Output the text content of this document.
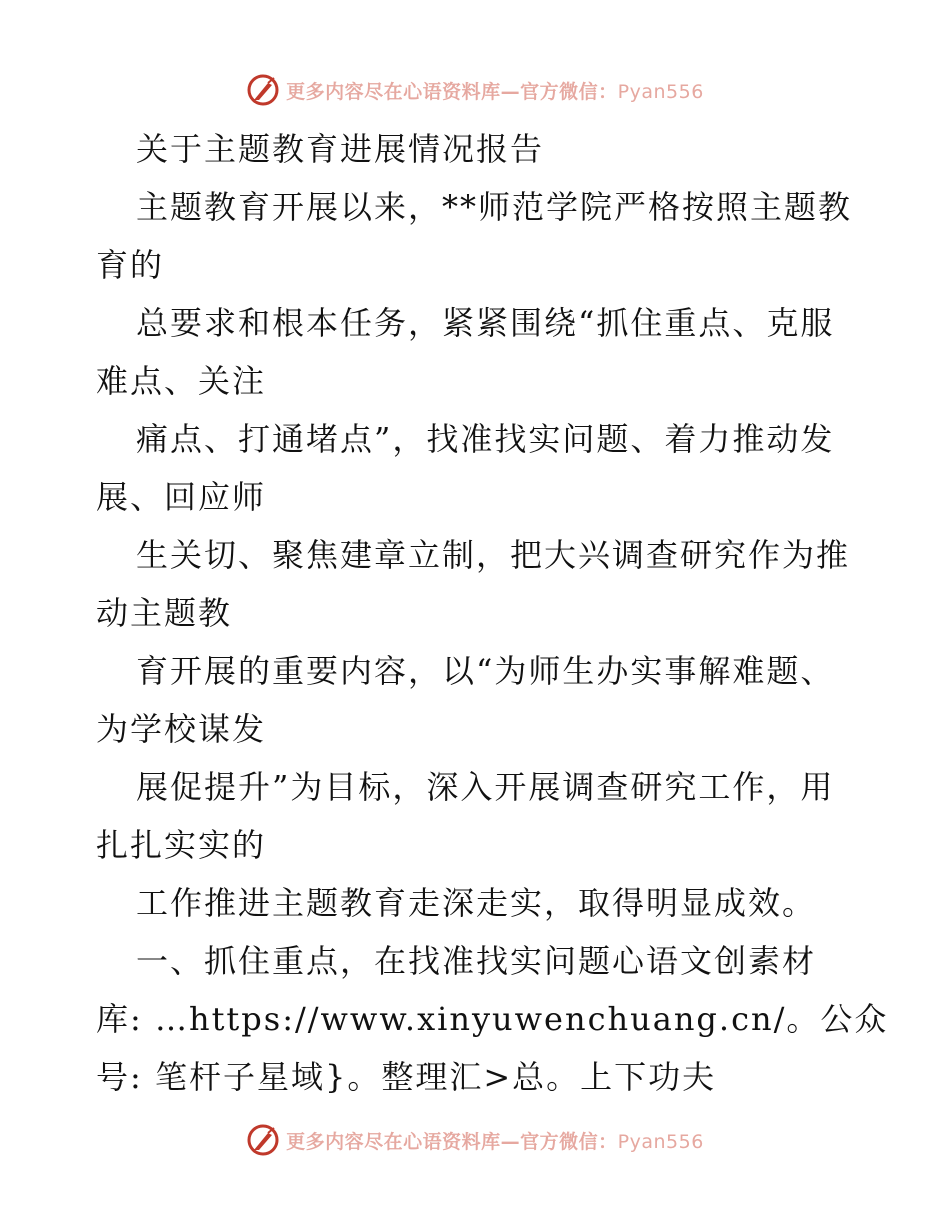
更多内容尽在心语资料库—官方微信：Pyan556
关于主题教育进展情况报告
主题教育开展以来，**师范学院严格按照主题教
育的
总要求和根本任务，紧紧围绕“抓住重点、克服
难点、关注
痛点、打通堵点”，找准找实问题、着力推动发
展、回应师
生关切、聚焦建章立制，把大兴调查研究作为推
动主题教
育开展的重要内容，以“为师生办实事解难题、
为学校谋发
展促提升”为目标，深入开展调查研究工作，用
扎扎实实的
工作推进主题教育走深走实，取得明显成效。
一、抓住重点，在找准找实问题心语文创素材
库: …https://www.xinyuwenchuang.cn/。公众
号: 笔杆子星域}。整理汇>总。上下功夫
更多内容尽在心语资料库—官方微信：Pyan556
